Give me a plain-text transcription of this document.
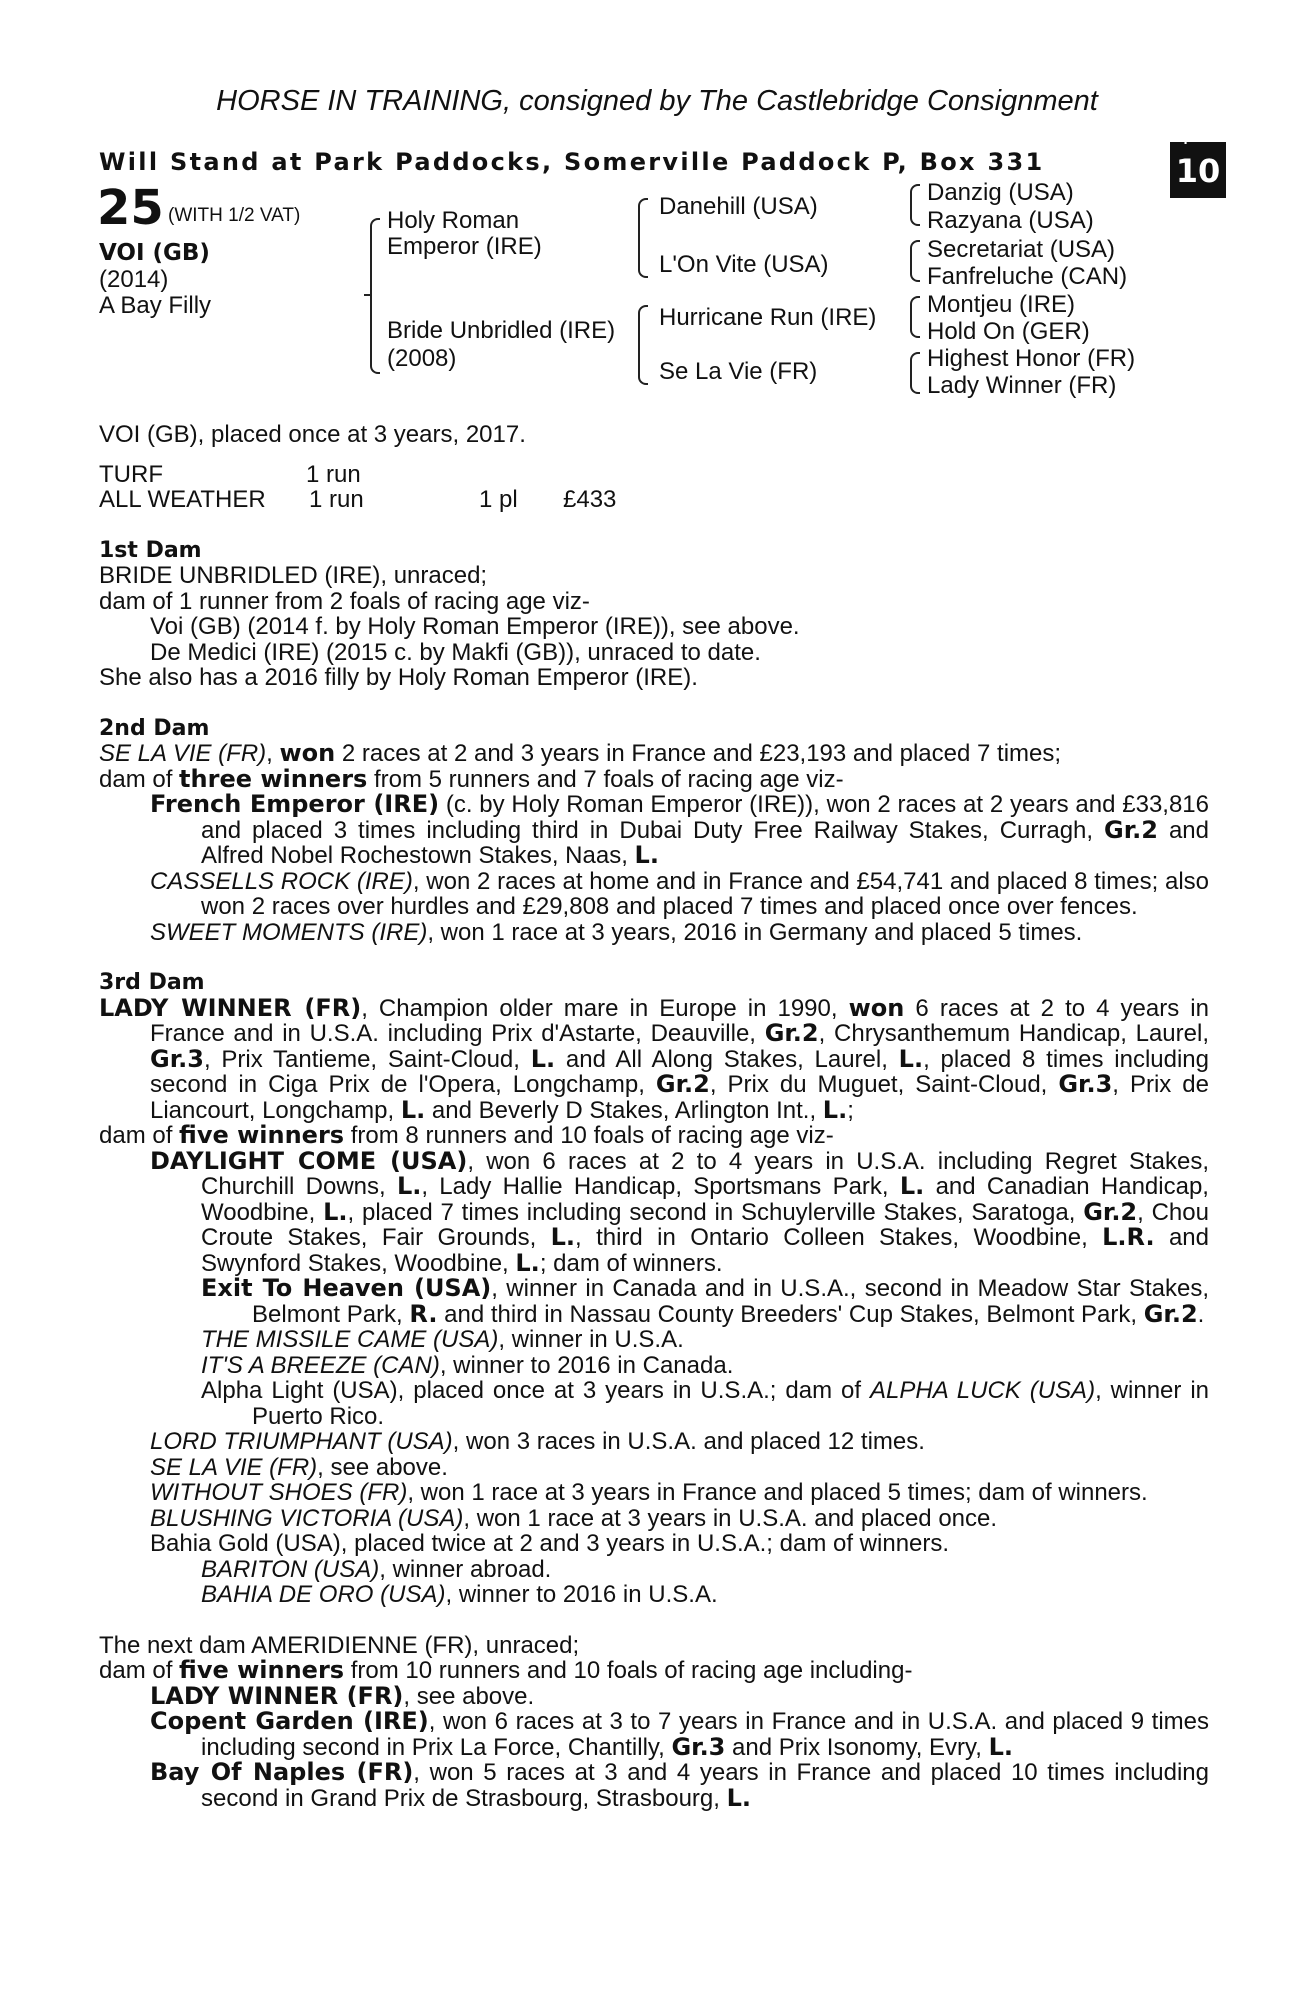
HORSE IN TRAINING, consigned by The Castlebridge Consignment
Will Stand at Park Paddocks, Somerville Paddock P, Box 331
+
10
25 (WITH 1/2 VAT)
VOI (GB)
(2014)
A Bay Filly
Holy Roman
Emperor (IRE)
Bride Unbridled (IRE)
(2008)
Danehill (USA)
L'On Vite (USA)
Hurricane Run (IRE)
Se La Vie (FR)
Danzig (USA)
Razyana (USA)
Secretariat (USA)
Fanfreluche (CAN)
Montjeu (IRE)
Hold On (GER)
Highest Honor (FR)
Lady Winner (FR)

VOI (GB), placed once at 3 years, 2017.

TURF	1 run
ALL WEATHER 1 run	1 pl £433

1st Dam

BRIDE UNBRIDLED (IRE), unraced;

dam of 1 runner from 2 foals of racing age viz-

Voi (GB) (2014 f. by Holy Roman Emperor (IRE)), see above.

De Medici (IRE) (2015 c. by Makfi (GB)), unraced to date.

She also has a 2016 filly by Holy Roman Emperor (IRE).

2nd Dam

SE LA VIE (FR), won 2 races at 2 and 3 years in France and £23,193 and placed 7 times;

dam of three winners from 5 runners and 7 foals of racing age viz-

French Emperor (IRE) (c. by Holy Roman Emperor (IRE)), won 2 races at 2 years and £33,816 and placed 3 times including third in Dubai Duty Free Railway Stakes, Curragh, Gr.2 and Alfred Nobel Rochestown Stakes, Naas, L.

CASSELLS ROCK (IRE), won 2 races at home and in France and £54,741 and placed 8 times; also won 2 races over hurdles and £29,808 and placed 7 times and placed once over fences.

SWEET MOMENTS (IRE), won 1 race at 3 years, 2016 in Germany and placed 5 times.

3rd Dam

LADY WINNER (FR), Champion older mare in Europe in 1990, won 6 races at 2 to 4 years in France and in U.S.A. including Prix d'Astarte, Deauville, Gr.2, Chrysanthemum Handicap, Laurel, Gr.3, Prix Tantieme, Saint-Cloud, L. and All Along Stakes, Laurel, L., placed 8 times including second in Ciga Prix de l'Opera, Longchamp, Gr.2, Prix du Muguet, Saint-Cloud, Gr.3, Prix de Liancourt, Longchamp, L. and Beverly D Stakes, Arlington Int., L.;

dam of five winners from 8 runners and 10 foals of racing age viz-

DAYLIGHT COME (USA), won 6 races at 2 to 4 years in U.S.A. including Regret Stakes, Churchill Downs, L., Lady Hallie Handicap, Sportsmans Park, L. and Canadian Handicap, Woodbine, L., placed 7 times including second in Schuylerville Stakes, Saratoga, Gr.2, Chou Croute Stakes, Fair Grounds, L., third in Ontario Colleen Stakes, Woodbine, L.R. and Swynford Stakes, Woodbine, L.; dam of winners.

Exit To Heaven (USA), winner in Canada and in U.S.A., second in Meadow Star Stakes, Belmont Park, R. and third in Nassau County Breeders' Cup Stakes, Belmont Park, Gr.2.

THE MISSILE CAME (USA), winner in U.S.A.

IT'S A BREEZE (CAN), winner to 2016 in Canada.

Alpha Light (USA), placed once at 3 years in U.S.A.; dam of ALPHA LUCK (USA), winner in Puerto Rico.

LORD TRIUMPHANT (USA), won 3 races in U.S.A. and placed 12 times.

SE LA VIE (FR), see above.

WITHOUT SHOES (FR), won 1 race at 3 years in France and placed 5 times; dam of winners.

BLUSHING VICTORIA (USA), won 1 race at 3 years in U.S.A. and placed once.

Bahia Gold (USA), placed twice at 2 and 3 years in U.S.A.; dam of winners.

BARITON (USA), winner abroad.

BAHIA DE ORO (USA), winner to 2016 in U.S.A.

The next dam AMERIDIENNE (FR), unraced;

dam of five winners from 10 runners and 10 foals of racing age including-

LADY WINNER (FR), see above.

Copent Garden (IRE), won 6 races at 3 to 7 years in France and in U.S.A. and placed 9 times including second in Prix La Force, Chantilly, Gr.3 and Prix Isonomy, Evry, L.

Bay Of Naples (FR), won 5 races at 3 and 4 years in France and placed 10 times including second in Grand Prix de Strasbourg, Strasbourg, L.
